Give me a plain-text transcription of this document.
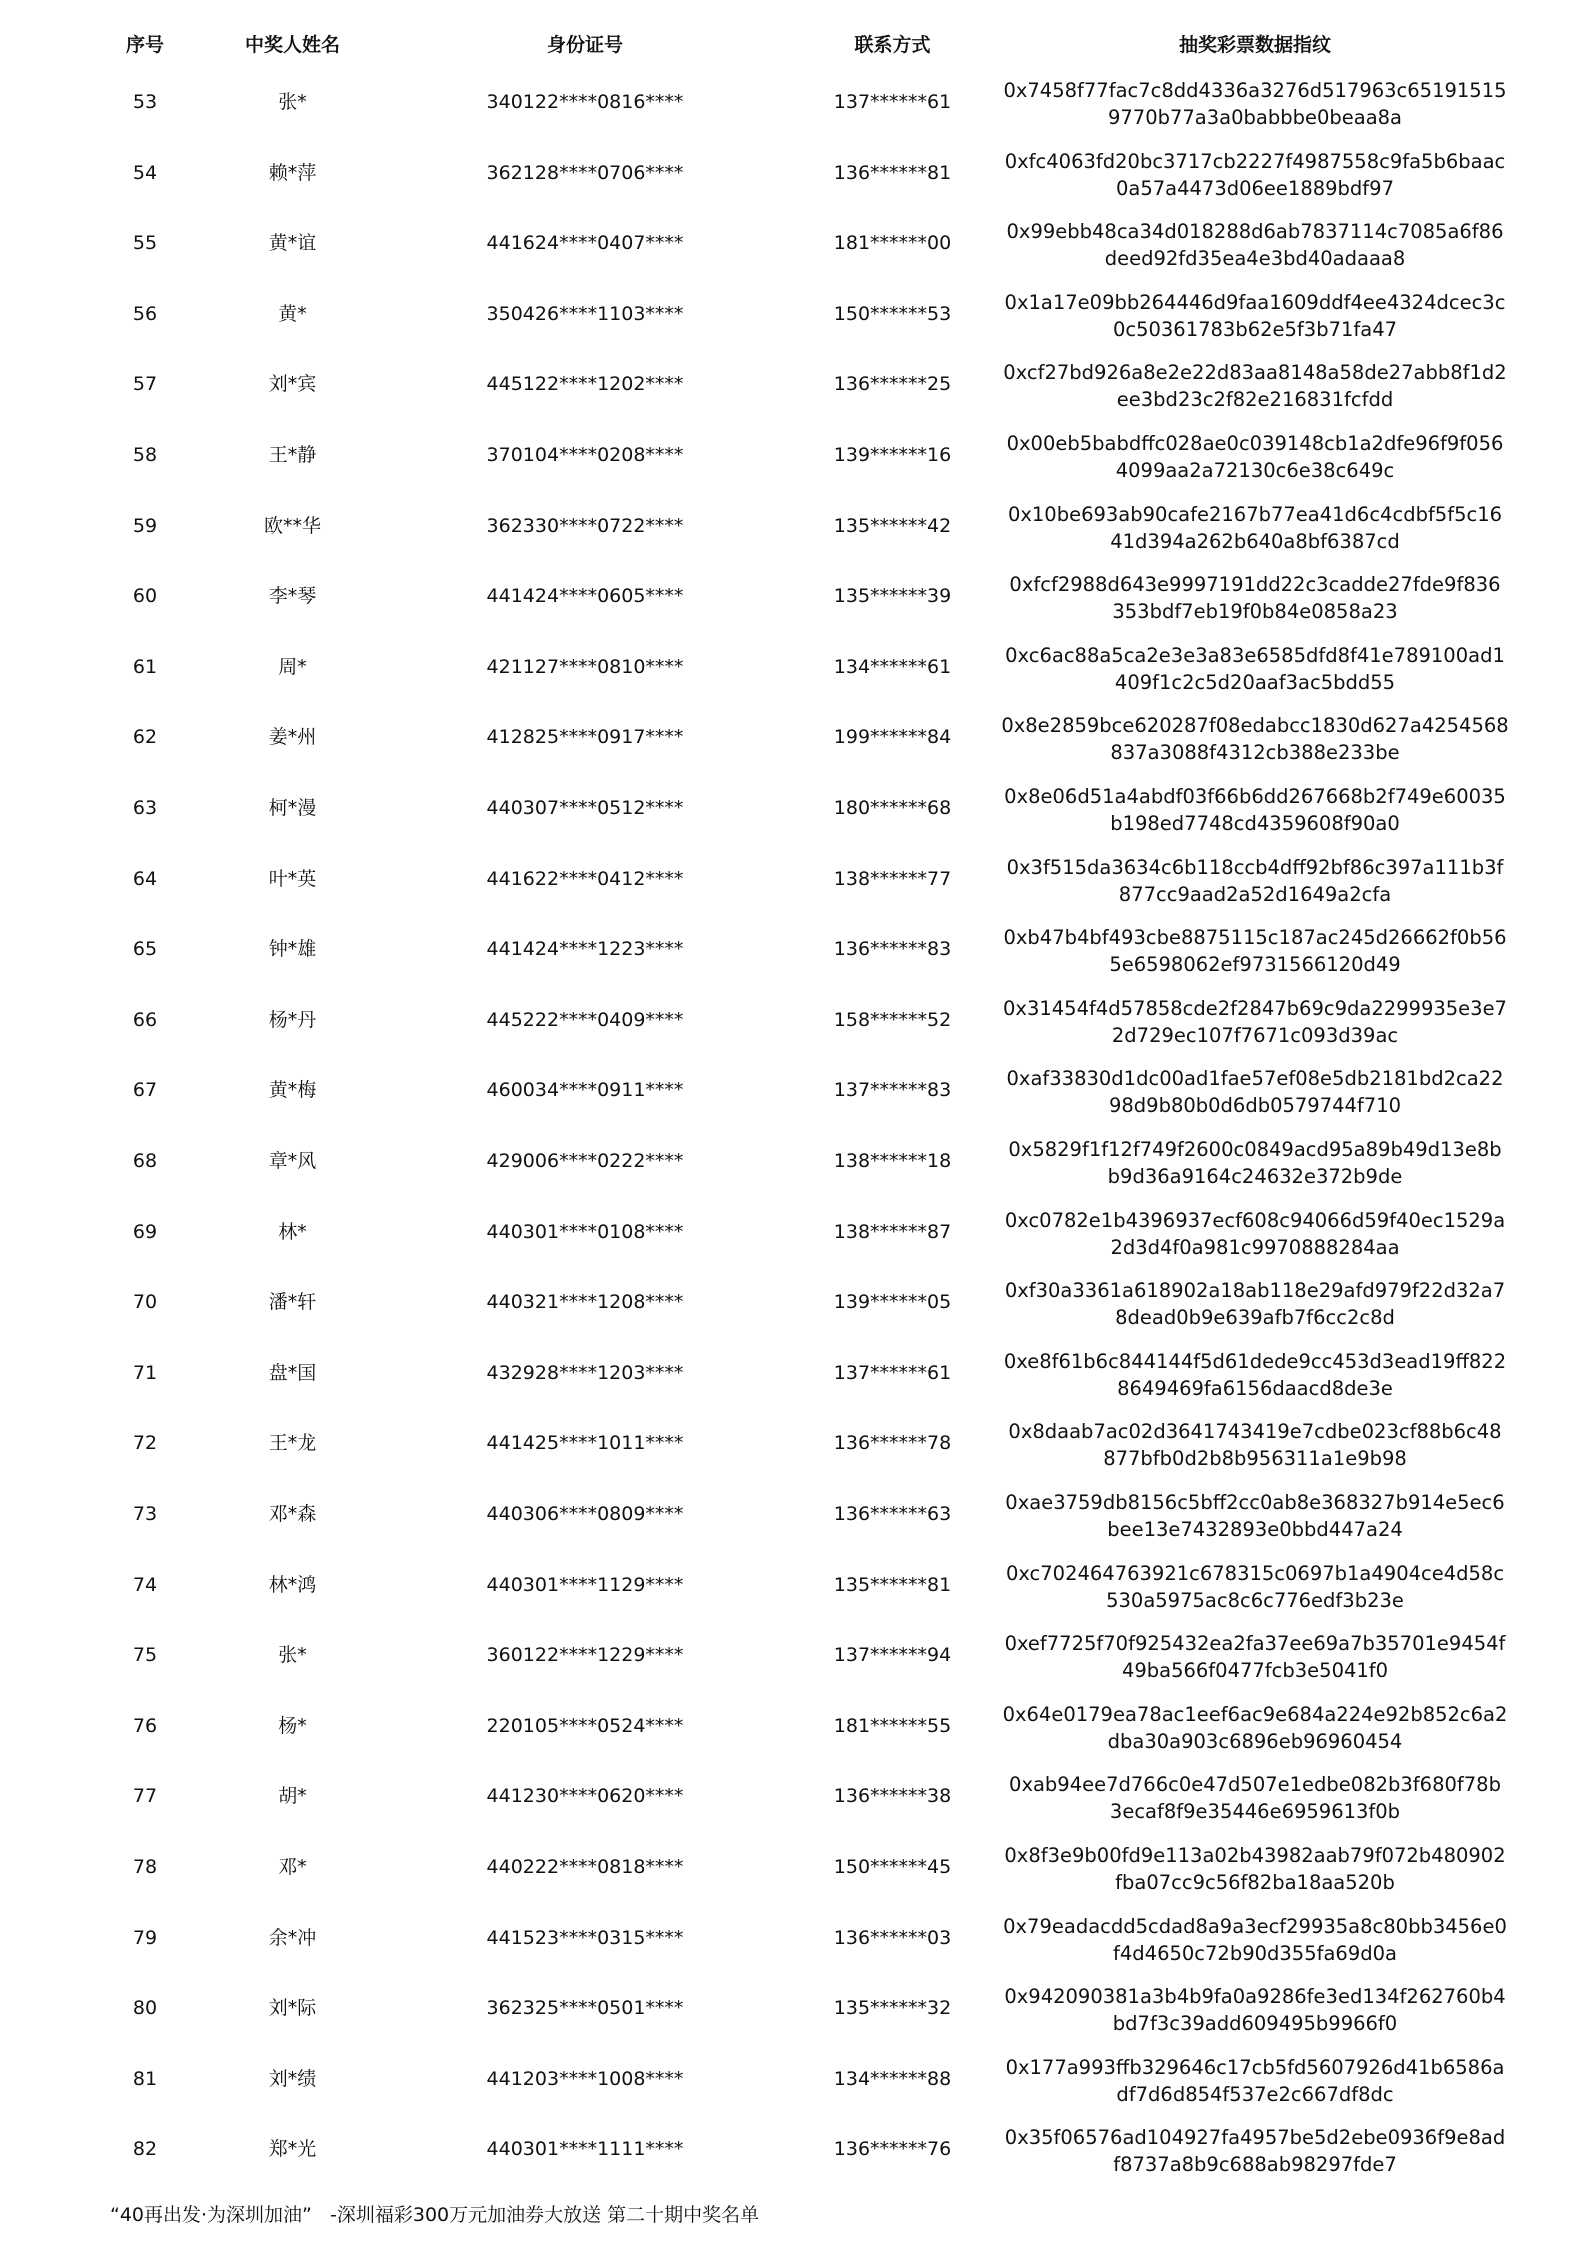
序号	中奖人姓名	身份证号	联系方式	抽奖彩票数据指纹
53	张*	340122****0816****	137******61	0x7458f77fac7c8dd4336a3276d517963c65191515
9770b77a3a0babbbe0beaa8a
54	赖*萍	362128****0706****	136******81	0xfc4063fd20bc3717cb2227f4987558c9fa5b6baac
0a57a4473d06ee1889bdf97
55	黄*谊	441624****0407****	181******00	0x99ebb48ca34d018288d6ab7837114c7085a6f86
deed92fd35ea4e3bd40adaaa8
56	黄*	350426****1103****	150******53	0x1a17e09bb264446d9faa1609ddf4ee4324dcec3c
0c50361783b62e5f3b71fa47
57	刘*宾	445122****1202****	136******25	0xcf27bd926a8e2e22d83aa8148a58de27abb8f1d2
ee3bd23c2f82e216831fcfdd
58	王*静	370104****0208****	139******16	0x00eb5babdffc028ae0c039148cb1a2dfe96f9f056
4099aa2a72130c6e38c649c
59	欧**华	362330****0722****	135******42	0x10be693ab90cafe2167b77ea41d6c4cdbf5f5c16
41d394a262b640a8bf6387cd
60	李*琴	441424****0605****	135******39	0xfcf2988d643e9997191dd22c3cadde27fde9f836
353bdf7eb19f0b84e0858a23
61	周*	421127****0810****	134******61	0xc6ac88a5ca2e3e3a83e6585dfd8f41e789100ad1
409f1c2c5d20aaf3ac5bdd55
62	姜*州	412825****0917****	199******84	0x8e2859bce620287f08edabcc1830d627a4254568
837a3088f4312cb388e233be
63	柯*漫	440307****0512****	180******68	0x8e06d51a4abdf03f66b6dd267668b2f749e60035
b198ed7748cd4359608f90a0
64	叶*英	441622****0412****	138******77	0x3f515da3634c6b118ccb4dff92bf86c397a111b3f
877cc9aad2a52d1649a2cfa
65	钟*雄	441424****1223****	136******83	0xb47b4bf493cbe8875115c187ac245d26662f0b56
5e6598062ef9731566120d49
66	杨*丹	445222****0409****	158******52	0x31454f4d57858cde2f2847b69c9da2299935e3e7
2d729ec107f7671c093d39ac
67	黄*梅	460034****0911****	137******83	0xaf33830d1dc00ad1fae57ef08e5db2181bd2ca22
98d9b80b0d6db0579744f710
68	章*风	429006****0222****	138******18	0x5829f1f12f749f2600c0849acd95a89b49d13e8b
b9d36a9164c24632e372b9de
69	林*	440301****0108****	138******87	0xc0782e1b4396937ecf608c94066d59f40ec1529a
2d3d4f0a981c9970888284aa
70	潘*轩	440321****1208****	139******05	0xf30a3361a618902a18ab118e29afd979f22d32a7
8dead0b9e639afb7f6cc2c8d
71	盘*国	432928****1203****	137******61	0xe8f61b6c844144f5d61dede9cc453d3ead19ff822
8649469fa6156daacd8de3e
72	王*龙	441425****1011****	136******78	0x8daab7ac02d3641743419e7cdbe023cf88b6c48
877bfb0d2b8b956311a1e9b98
73	邓*森	440306****0809****	136******63	0xae3759db8156c5bff2cc0ab8e368327b914e5ec6
bee13e7432893e0bbd447a24
74	林*鸿	440301****1129****	135******81	0xc702464763921c678315c0697b1a4904ce4d58c
530a5975ac8c6c776edf3b23e
75	张*	360122****1229****	137******94	0xef7725f70f925432ea2fa37ee69a7b35701e9454f
49ba566f0477fcb3e5041f0
76	杨*	220105****0524****	181******55	0x64e0179ea78ac1eef6ac9e684a224e92b852c6a2
dba30a903c6896eb96960454
77	胡*	441230****0620****	136******38	0xab94ee7d766c0e47d507e1edbe082b3f680f78b
3ecaf8f9e35446e6959613f0b
78	邓*	440222****0818****	150******45	0x8f3e9b00fd9e113a02b43982aab79f072b480902
fba07cc9c56f82ba18aa520b
79	余*冲	441523****0315****	136******03	0x79eadacdd5cdad8a9a3ecf29935a8c80bb3456e0
f4d4650c72b90d355fa69d0a
80	刘*际	362325****0501****	135******32	0x942090381a3b4b9fa0a9286fe3ed134f262760b4
bd7f3c39add609495b9966f0
81	刘*绩	441203****1008****	134******88	0x177a993ffb329646c17cb5fd5607926d41b6586a
df7d6d854f537e2c667df8dc
82	郑*光	440301****1111****	136******76	0x35f06576ad104927fa4957be5d2ebe0936f9e8ad
f8737a8b9c688ab98297fde7
“40再出发·为深圳加油”   -深圳福彩300万元加油券大放送 第二十期中奖名单
